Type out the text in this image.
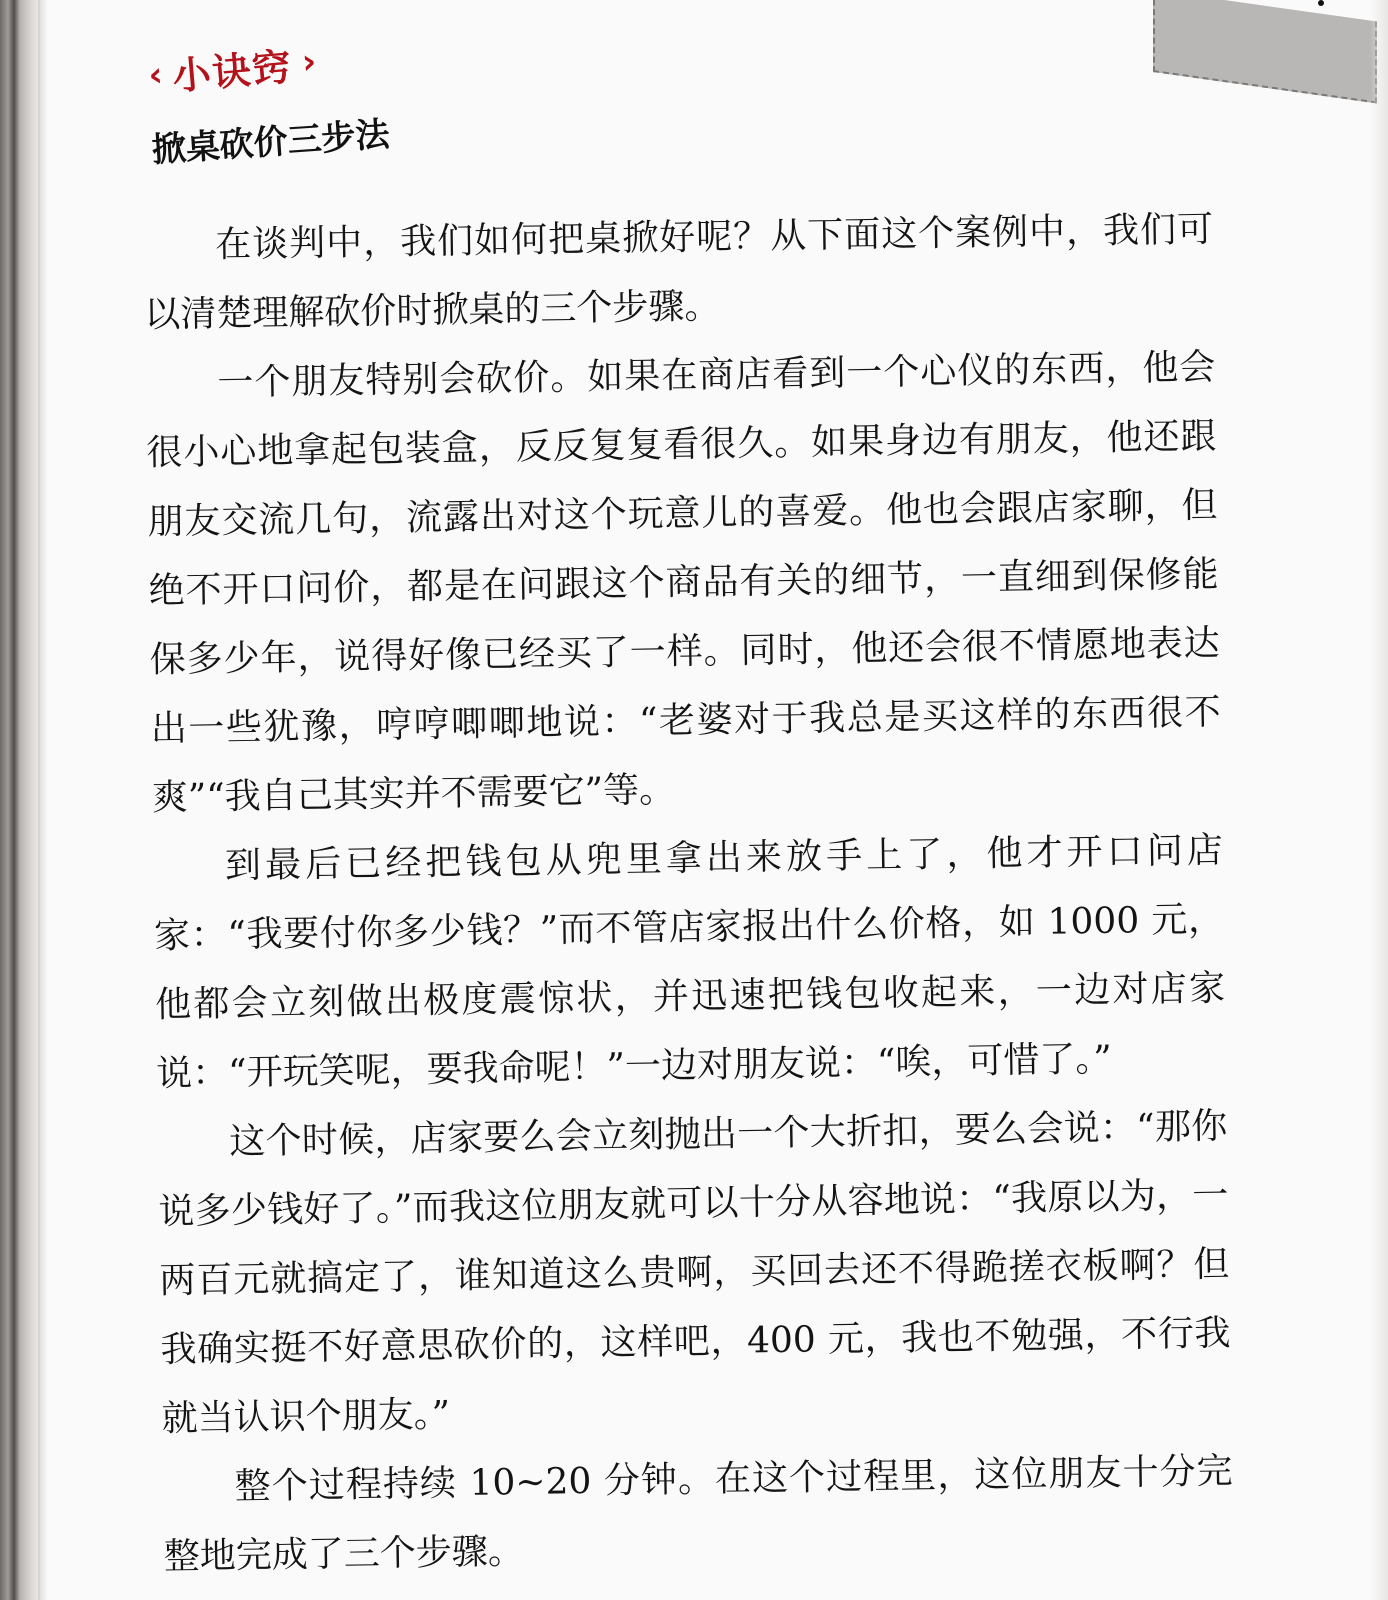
‹ 小诀窍 ›
掀桌砍价三步法

在谈判中，我们如何把桌掀好呢？从下面这个案例中，我们可以清楚理解砍价时掀桌的三个步骤。

一个朋友特别会砍价。如果在商店看到一个心仪的东西，他会很小心地拿起包装盒，反反复复看很久。如果身边有朋友，他还跟朋友交流几句，流露出对这个玩意儿的喜爱。他也会跟店家聊，但绝不开口问价，都是在问跟这个商品有关的细节，一直细到保修能保多少年，说得好像已经买了一样。同时，他还会很不情愿地表达出一些犹豫，哼哼唧唧地说：“老婆对于我总是买这样的东西很不爽”“我自己其实并不需要它”等。

到最后已经把钱包从兜里拿出来放手上了，他才开口问店家：“我要付你多少钱？”而不管店家报出什么价格，如 1000 元，他都会立刻做出极度震惊状，并迅速把钱包收起来，一边对店家说：“开玩笑呢，要我命呢！”一边对朋友说：“唉，可惜了。”

这个时候，店家要么会立刻抛出一个大折扣，要么会说：“那你说多少钱好了。”而我这位朋友就可以十分从容地说：“我原以为，一两百元就搞定了，谁知道这么贵啊，买回去还不得跪搓衣板啊？但我确实挺不好意思砍价的，这样吧，400 元，我也不勉强，不行我就当认识个朋友。”

整个过程持续 10~20 分钟。在这个过程里，这位朋友十分完整地完成了三个步骤。
